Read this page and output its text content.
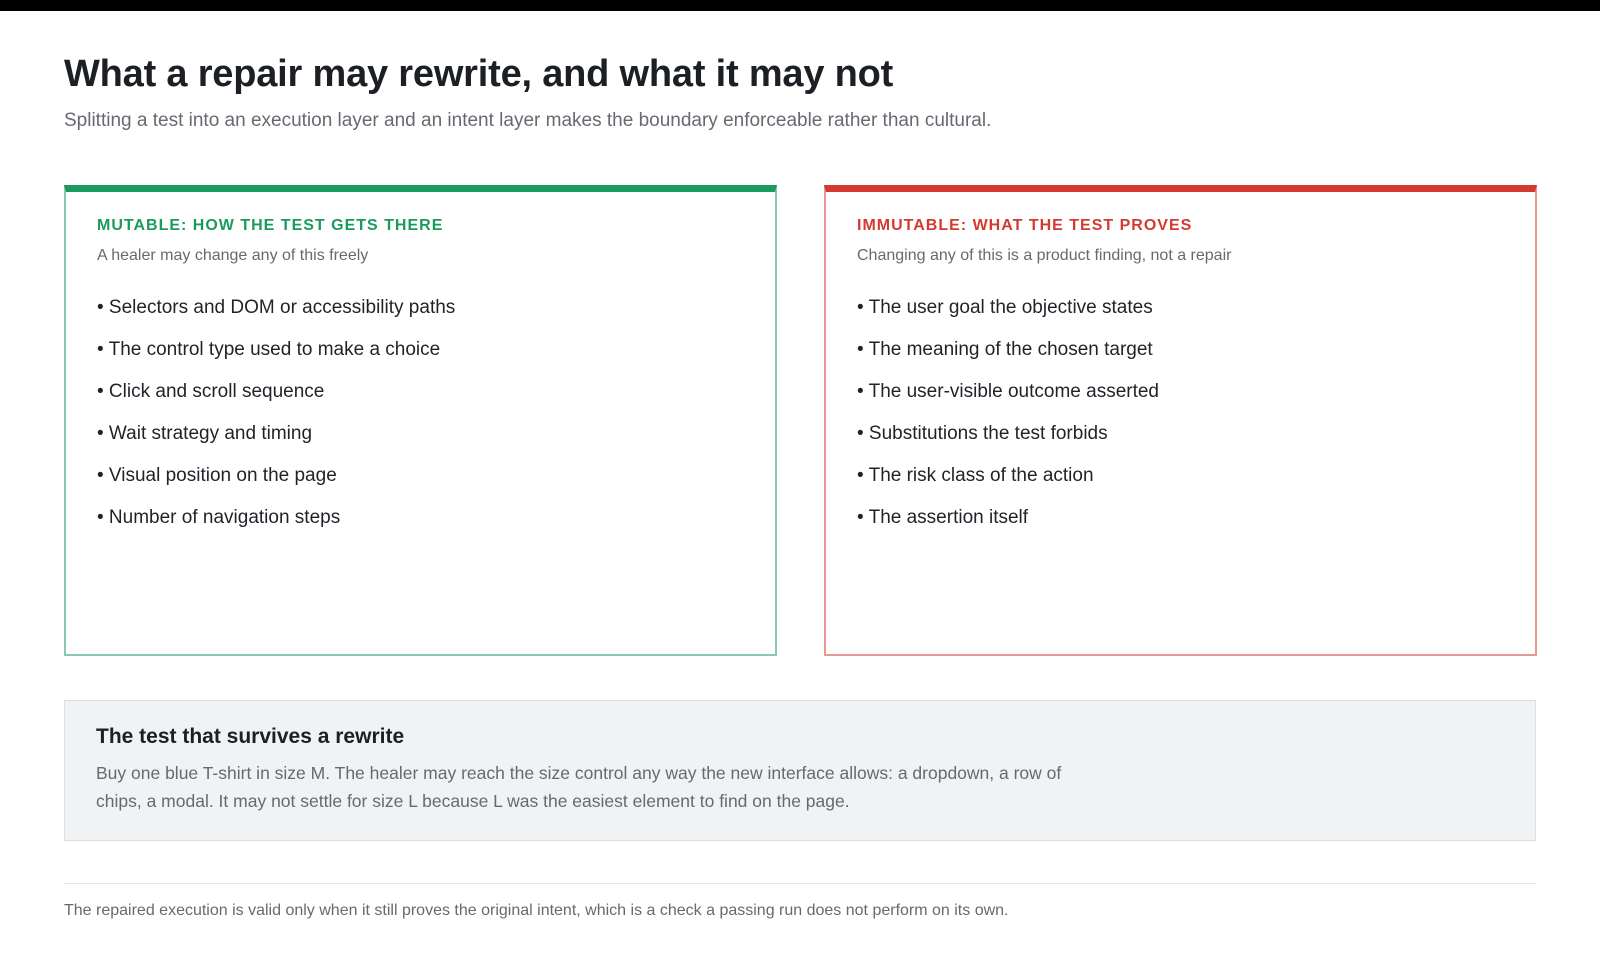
What a repair may rewrite, and what it may not

Splitting a test into an execution layer and an intent layer makes the boundary enforceable rather than cultural.

MUTABLE: HOW THE TEST GETS THERE
A healer may change any of this freely
• Selectors and DOM or accessibility paths
• The control type used to make a choice
• Click and scroll sequence
• Wait strategy and timing
• Visual position on the page
• Number of navigation steps
IMMUTABLE: WHAT THE TEST PROVES
Changing any of this is a product finding, not a repair
• The user goal the objective states
• The meaning of the chosen target
• The user-visible outcome asserted
• Substitutions the test forbids
• The risk class of the action
• The assertion itself
The test that survives a rewrite

Buy one blue T-shirt in size M. The healer may reach the size control any way the new interface allows: a dropdown, a row of chips, a modal. It may not settle for size L because L was the easiest element to find on the page.

The repaired execution is valid only when it still proves the original intent, which is a check a passing run does not perform on its own.
